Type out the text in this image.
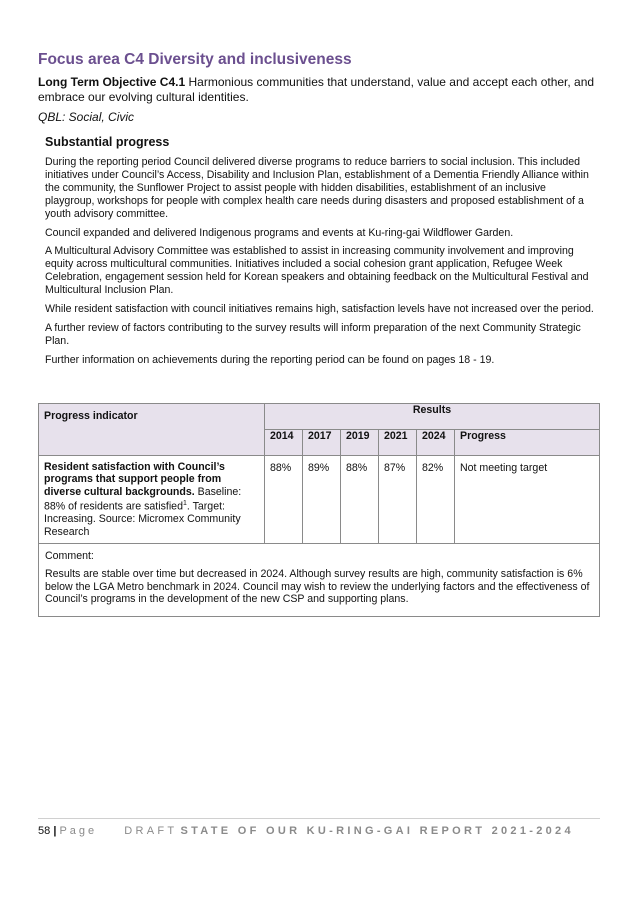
Focus area C4 Diversity and inclusiveness

Long Term Objective C4.1 Harmonious communities that understand, value and accept each other, and embrace our evolving cultural identities.

QBL: Social, Civic

Substantial progress

During the reporting period Council delivered diverse programs to reduce barriers to social inclusion. This included initiatives under Council’s Access, Disability and Inclusion Plan, establishment of a Dementia Friendly Alliance within the community, the Sunflower Project to assist people with hidden disabilities, establishment of an inclusive playgroup, workshops for people with complex health care needs during disasters and proposed establishment of a youth advisory committee.

Council expanded and delivered Indigenous programs and events at Ku-ring-gai Wildflower Garden.

A Multicultural Advisory Committee was established to assist in increasing community involvement and improving equity across multicultural communities. Initiatives included a social cohesion grant application, Refugee Week Celebration, engagement session held for Korean speakers and obtaining feedback on the Multicultural Festival and Multicultural Inclusion Plan.

While resident satisfaction with council initiatives remains high, satisfaction levels have not increased over the period.

A further review of factors contributing to the survey results will inform preparation of the next Community Strategic Plan.

Further information on achievements during the reporting period can be found on pages 18 - 19.

Progress indicator	Results					
	2014	2017	2019	2021	2024	Progress
Resident satisfaction with Council’s programs that support people from diverse cultural backgrounds. Baseline: 88% of residents are satisfied$^1$. Target: Increasing. Source: Micromex Community Research	88%	89%	88%	87%	82%	Not meeting target

Comment:

Results are stable over time but decreased in 2024. Although survey results are high, community satisfaction is 6% below the LGA Metro benchmark in 2024. Council may wish to review the underlying factors and the effectiveness of Council’s programs in the development of the new CSP and supporting plans.						

58 | Page DRAFT STATE OF OUR KU-RING-GAI REPORT 2021-2024
